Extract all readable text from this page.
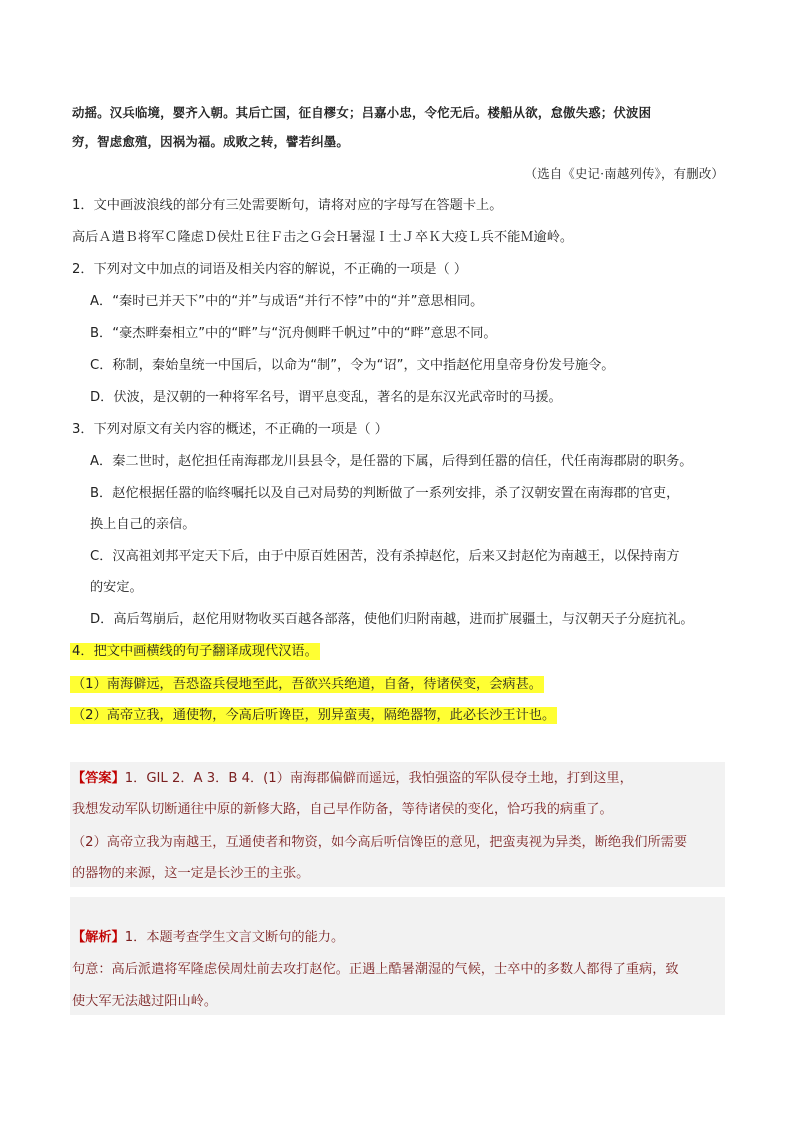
动摇。汉兵临境，婴齐入朝。其后亡国，征自樛女；吕嘉小忠，令佗无后。楼船从欲，怠傲失惑；伏波困
穷，智虑愈殖，因祸为福。成败之转，譬若纠墨。
（选自《史记·南越列传》，有删改）
1．文中画波浪线的部分有三处需要断句，请将对应的字母写在答题卡上。
高后Ａ遣Ｂ将军Ｃ隆虑Ｄ侯灶Ｅ往Ｆ击之Ｇ会Ｈ暑湿Ｉ士Ｊ卒Ｋ大疫Ｌ兵不能Ｍ逾岭。
2．下列对文中加点的词语及相关内容的解说，不正确的一项是（ ）
A．“秦时已并天下”中的“并”与成语“并行不悖”中的“并”意思相同。
B．“豪杰畔秦相立”中的“畔”与“沉舟侧畔千帆过”中的“畔”意思不同。
C．称制，秦始皇统一中国后，以命为“制”，令为“诏”，文中指赵佗用皇帝身份发号施令。
D．伏波，是汉朝的一种将军名号，谓平息变乱，著名的是东汉光武帝时的马援。
3．下列对原文有关内容的概述，不正确的一项是（ ）
A．秦二世时，赵佗担任南海郡龙川县县令，是任嚣的下属，后得到任嚣的信任，代任南海郡尉的职务。
B．赵佗根据任嚣的临终嘱托以及自己对局势的判断做了一系列安排，杀了汉朝安置在南海郡的官吏，
换上自己的亲信。
C．汉高祖刘邦平定天下后，由于中原百姓困苦，没有杀掉赵佗，后来又封赵佗为南越王，以保持南方
的安定。
D．高后驾崩后，赵佗用财物收买百越各部落，使他们归附南越，进而扩展疆土，与汉朝天子分庭抗礼。
4．把文中画横线的句子翻译成现代汉语。
（1）南海僻远，吾恐盗兵侵地至此，吾欲兴兵绝道，自备，待诸侯变，会病甚。
（2）高帝立我，通使物，今高后听谗臣，别异蛮夷，隔绝器物，此必长沙王计也。
【答案】1．GIL 2．A 3．B 4．(1）南海郡偏僻而遥远，我怕强盗的军队侵夺土地，打到这里，
我想发动军队切断通往中原的新修大路，自己早作防备，等待诸侯的变化，恰巧我的病重了。
（2）高帝立我为南越王，互通使者和物资，如今高后听信馋臣的意见，把蛮夷视为异类，断绝我们所需要
的器物的来源，这一定是长沙王的主张。
【解析】1．本题考查学生文言文断句的能力。
句意：高后派遣将军隆虑侯周灶前去攻打赵佗。正遇上酷暑潮湿的气候，士卒中的多数人都得了重病，致
使大军无法越过阳山岭。
